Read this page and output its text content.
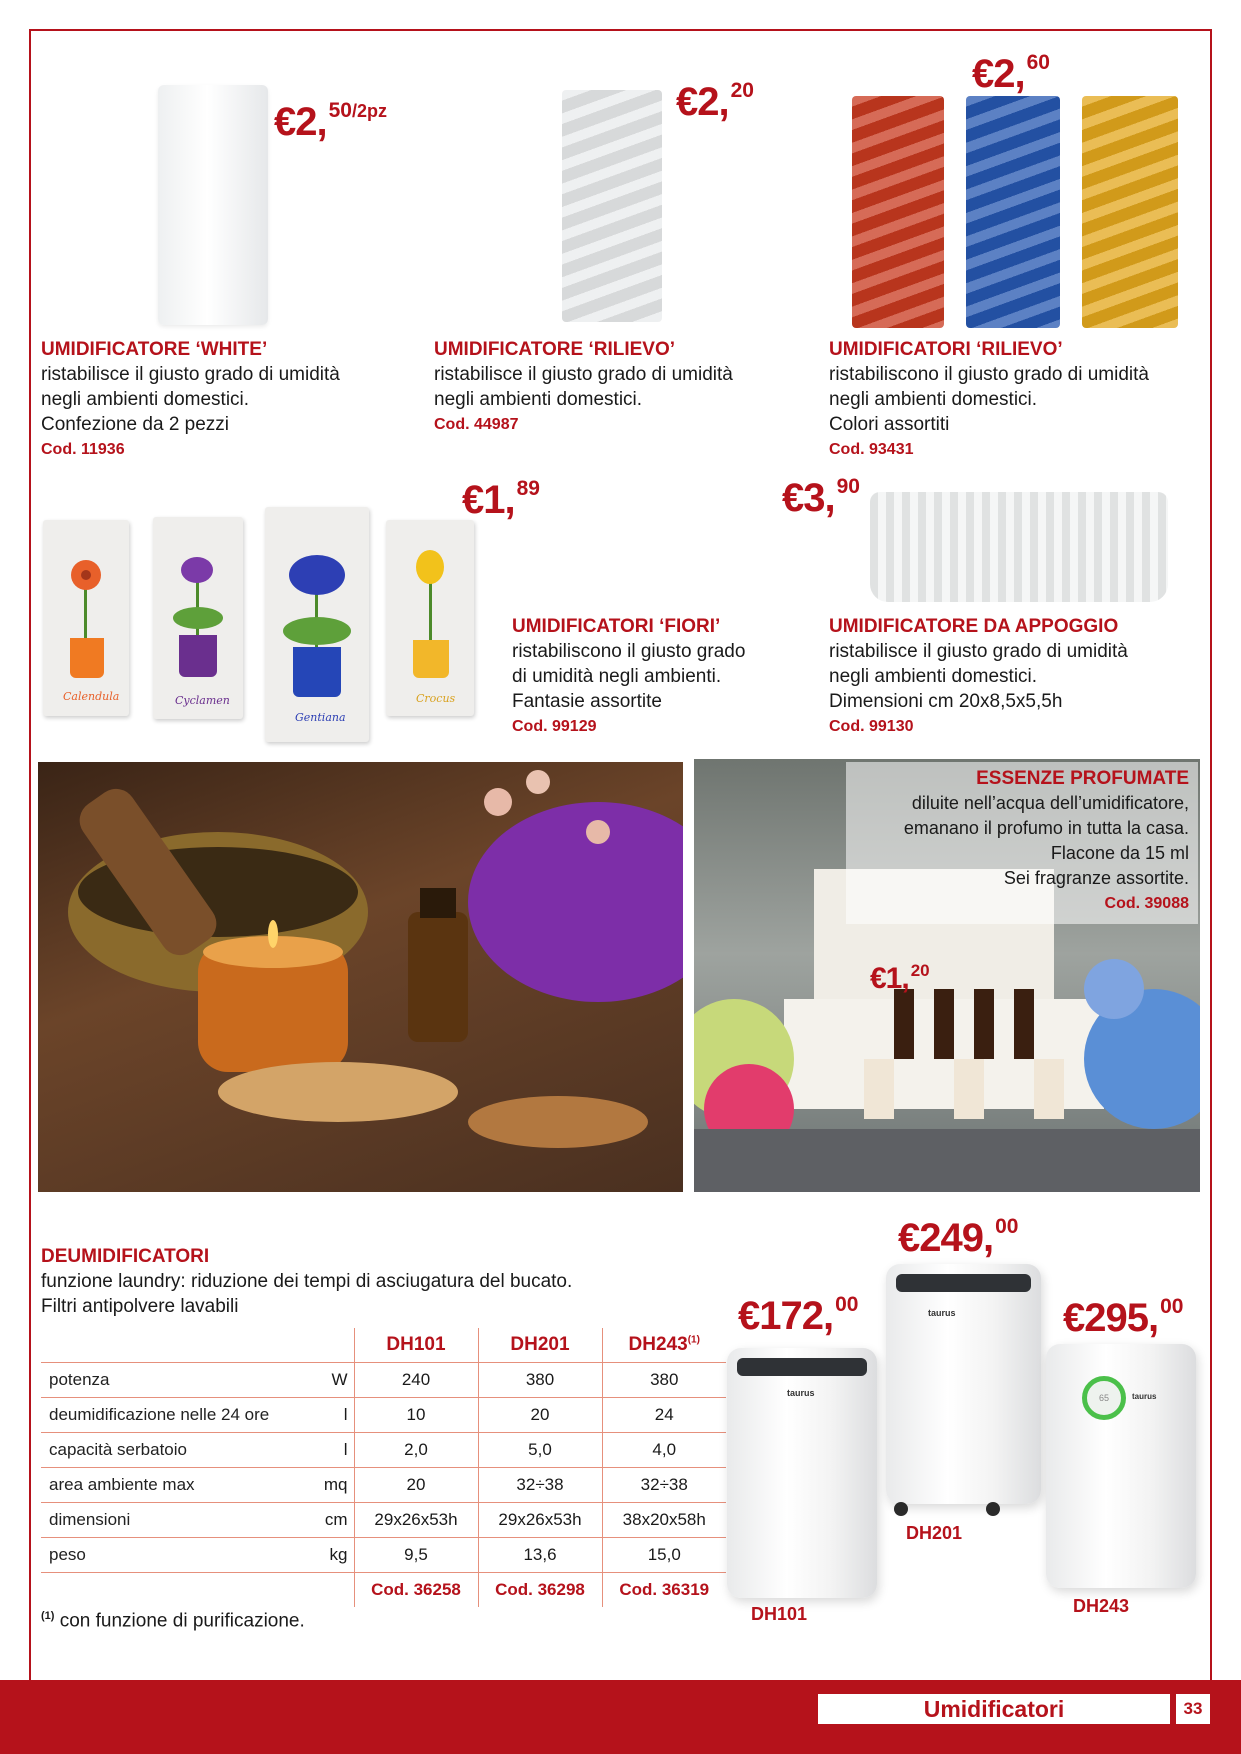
€2,50/2pz
UMIDIFICATORE ‘WHITE’
ristabilisce il giusto grado di umidità
negli ambienti domestici.
Confezione da 2 pezzi
Cod. 11936
€2,20
UMIDIFICATORE ‘RILIEVO’
ristabilisce il giusto grado di umidità
negli ambienti domestici.
Cod. 44987
€2,60
UMIDIFICATORI ‘RILIEVO’
ristabiliscono il giusto grado di umidità
negli ambienti domestici.
Colori assortiti
Cod. 93431
Calendula	Cyclamen
Gentiana
Crocus
€1,89
UMIDIFICATORI ‘FIORI’
ristabiliscono il giusto grado
di umidità negli ambienti.
Fantasie assortite
Cod. 99129
€3,90
UMIDIFICATORE DA APPOGGIO
ristabilisce il giusto grado di umidità
negli ambienti domestici.
Dimensioni cm 20x8,5x5,5h
Cod. 99130
ESSENZE PROFUMATE
diluite nell’acqua dell’umidificatore,
emanano il profumo in tutta la casa.
Flacone da 15 ml
Sei fragranze assortite.
Cod. 39088
€1, 20
DEUMIDIFICATORI
funzione laundry: riduzione dei tempi di asciugatura del bucato.
Filtri antipolvere lavabili
		DH101	DH201	DH243$^{(1)}$
potenza	W	240	380	380
deumidificazione nelle 24 ore	l	10	20	24
capacità serbatoio	l	2,0	5,0	4,0
area ambiente max	mq	20	32÷38	32÷38
dimensioni	cm	29x26x53h	29x26x53h	38x20x58h
peso	kg	9,5	13,6	15,0
		Cod. 36258	Cod. 36298	Cod. 36319
$^{(1)}$ con funzione di purificazione.
taurus
taurus
65	taurus
€172,00
€249,00
€295,00
DH101
DH201
DH243
Umidificatori	33
